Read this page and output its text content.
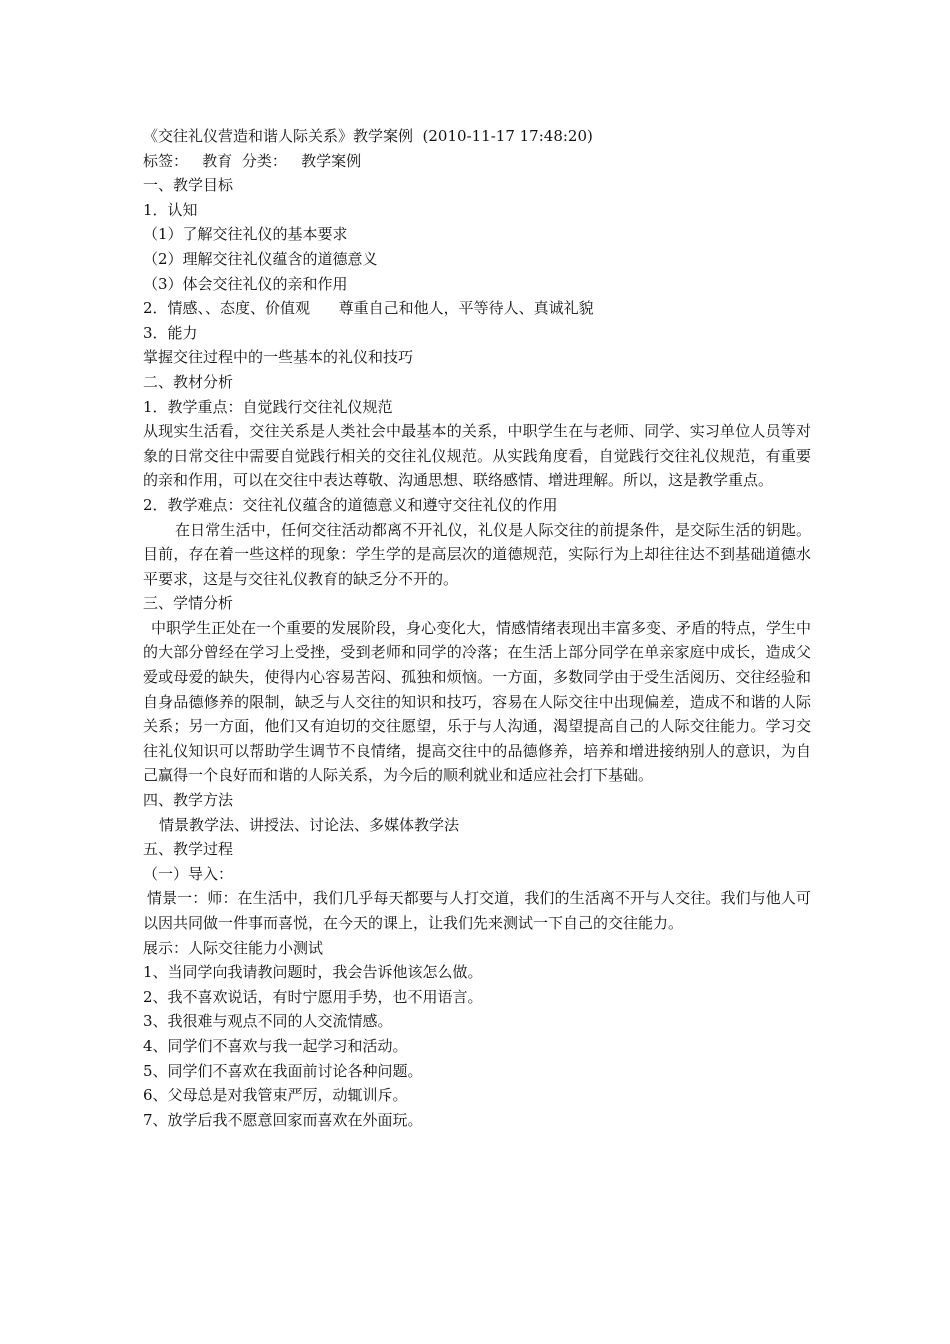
《交往礼仪营造和谐人际关系》教学案例  (2010-11-17 17:48:20)

标签：   教育  分类：   教学案例

一、教学目标

1．认知

（1）了解交往礼仪的基本要求

（2）理解交往礼仪蕴含的道德意义

（3）体会交往礼仪的亲和作用

2．情感、、态度、价值观      尊重自己和他人，平等待人、真诚礼貌

3．能力

掌握交往过程中的一些基本的礼仪和技巧

二、教材分析

1．教学重点：自觉践行交往礼仪规范

从现实生活看，交往关系是人类社会中最基本的关系，中职学生在与老师、同学、实习单位人员等对象的日常交往中需要自觉践行相关的交往礼仪规范。从实践角度看，自觉践行交往礼仪规范，有重要的亲和作用，可以在交往中表达尊敬、沟通思想、联络感情、增进理解。所以，这是教学重点。

2．教学难点：交往礼仪蕴含的道德意义和遵守交往礼仪的作用

在日常生活中，任何交往活动都离不开礼仪，礼仪是人际交往的前提条件，是交际生活的钥匙。目前，存在着一些这样的现象：学生学的是高层次的道德规范，实际行为上却往往达不到基础道德水平要求，这是与交往礼仪教育的缺乏分不开的。

三、学情分析

中职学生正处在一个重要的发展阶段，身心变化大，情感情绪表现出丰富多变、矛盾的特点，学生中的大部分曾经在学习上受挫，受到老师和同学的冷落；在生活上部分同学在单亲家庭中成长，造成父爱或母爱的缺失，使得内心容易苦闷、孤独和烦恼。一方面，多数同学由于受生活阅历、交往经验和自身品德修养的限制，缺乏与人交往的知识和技巧，容易在人际交往中出现偏差，造成不和谐的人际关系；另一方面，他们又有迫切的交往愿望，乐于与人沟通，渴望提高自己的人际交往能力。学习交往礼仪知识可以帮助学生调节不良情绪，提高交往中的品德修养，培养和增进接纳别人的意识，为自己赢得一个良好而和谐的人际关系，为今后的顺利就业和适应社会打下基础。

四、教学方法

情景教学法、讲授法、讨论法、多媒体教学法

五、教学过程

（一）导入：

情景一：师：在生活中，我们几乎每天都要与人打交道，我们的生活离不开与人交往。我们与他人可以因共同做一件事而喜悦，在今天的课上，让我们先来测试一下自己的交往能力。

展示：人际交往能力小测试

1、当同学向我请教问题时，我会告诉他该怎么做。

2、我不喜欢说话，有时宁愿用手势，也不用语言。

3、我很难与观点不同的人交流情感。

4、同学们不喜欢与我一起学习和活动。

5、同学们不喜欢在我面前讨论各种问题。

6、父母总是对我管束严厉，动辄训斥。

7、放学后我不愿意回家而喜欢在外面玩。
